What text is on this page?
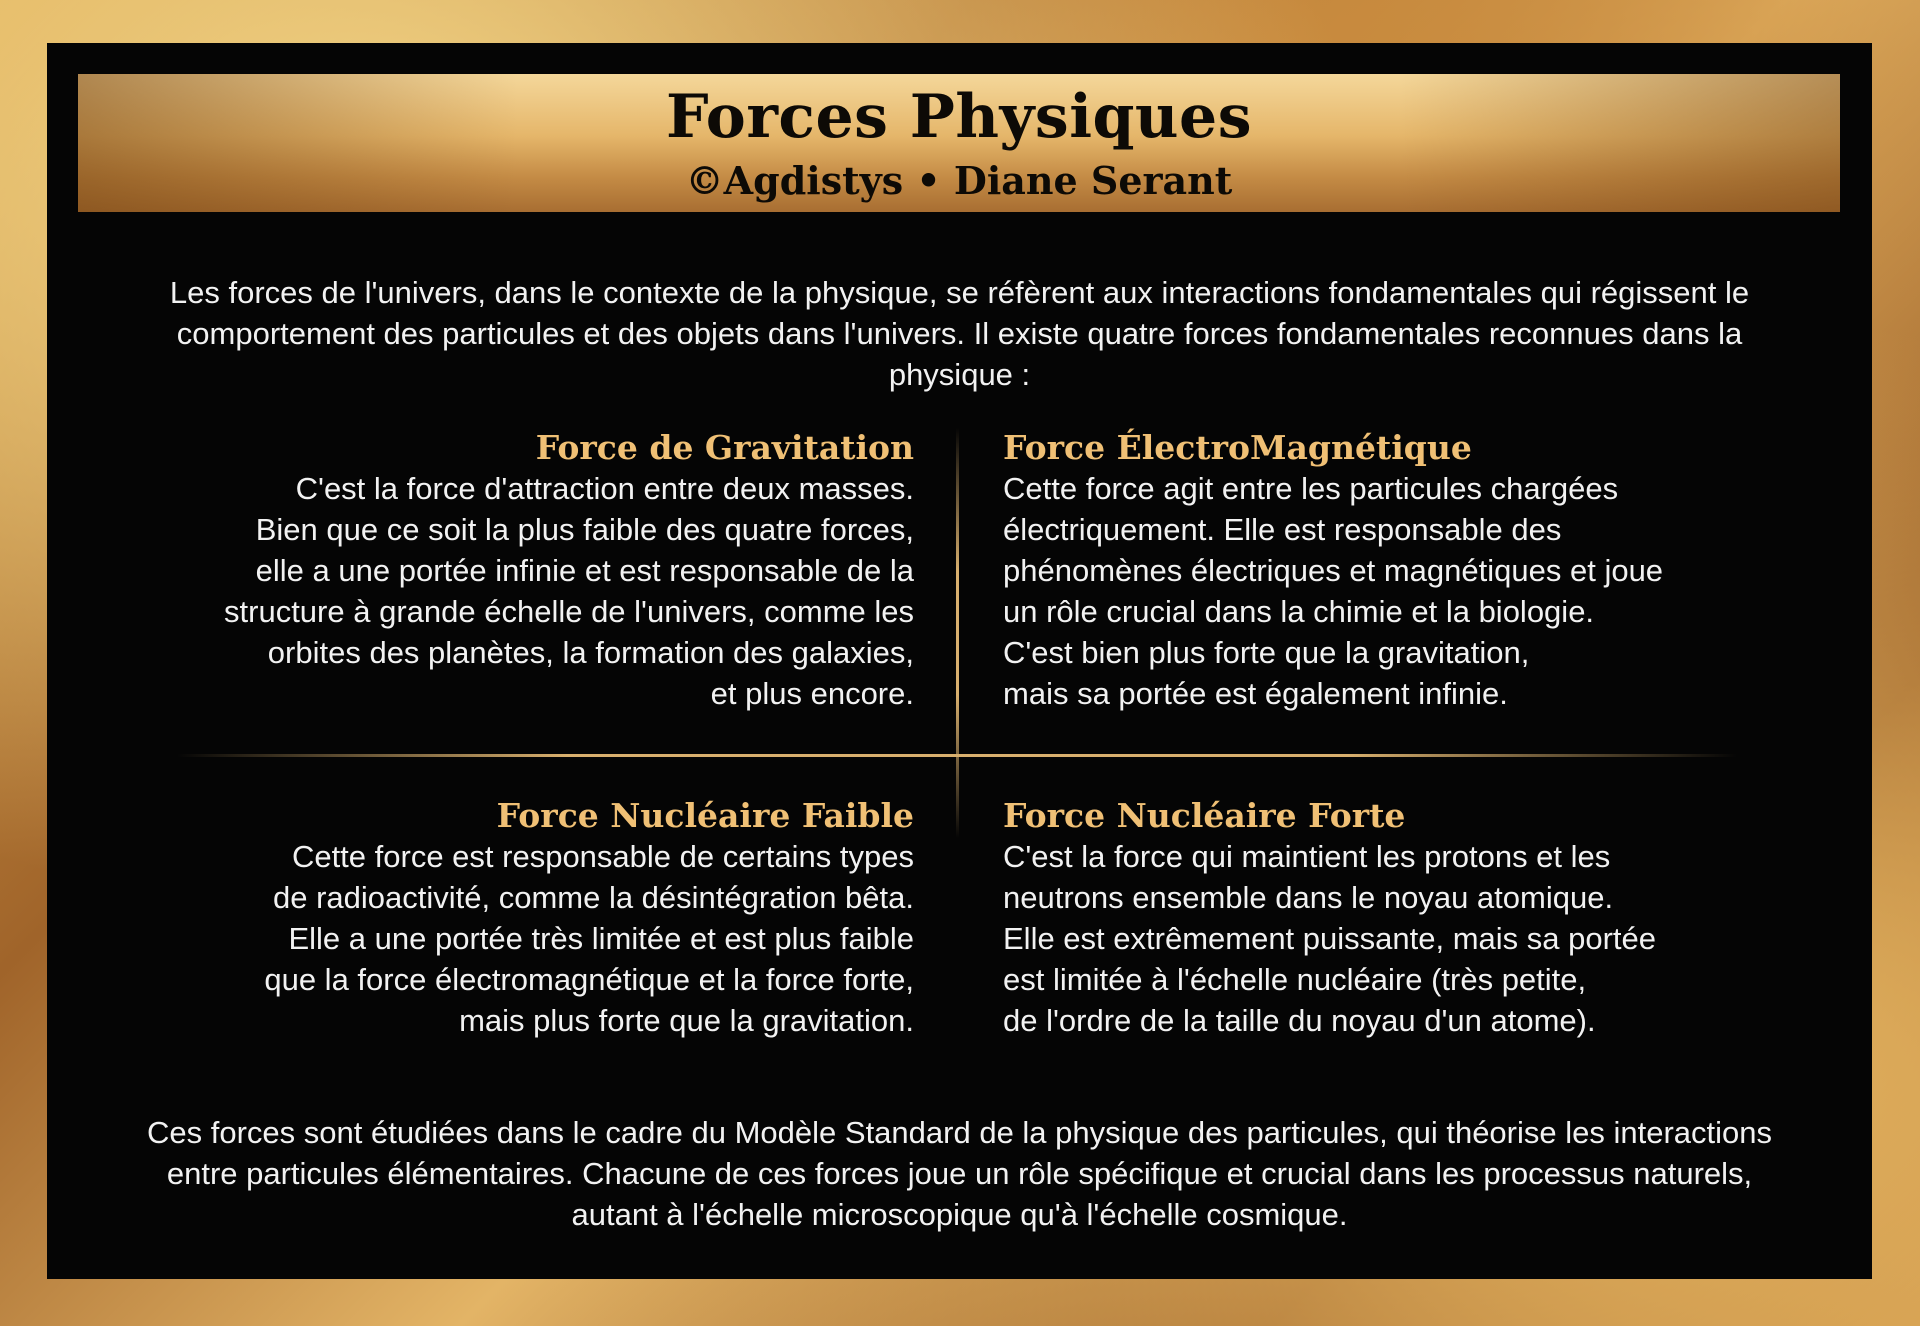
Forces Physiques
©Agdistys • Diane Serant
Les forces de l'univers, dans le contexte de la physique, se réfèrent aux interactions fondamentales qui régissent le comportement des particules et des objets dans l'univers. Il existe quatre forces fondamentales reconnues dans la physique :
Force de Gravitation
C'est la force d'attraction entre deux masses.
Bien que ce soit la plus faible des quatre forces,
elle a une portée infinie et est responsable de la
structure à grande échelle de l'univers, comme les
orbites des planètes, la formation des galaxies,
et plus encore.
Force ÉlectroMagnétique
Cette force agit entre les particules chargées
électriquement. Elle est responsable des
phénomènes électriques et magnétiques et joue
un rôle crucial dans la chimie et la biologie.
C'est bien plus forte que la gravitation,
mais sa portée est également infinie.
Force Nucléaire Faible
Cette force est responsable de certains types
de radioactivité, comme la désintégration bêta.
Elle a une portée très limitée et est plus faible
que la force électromagnétique et la force forte,
mais plus forte que la gravitation.
Force Nucléaire Forte
C'est la force qui maintient les protons et les
neutrons ensemble dans le noyau atomique.
Elle est extrêmement puissante, mais sa portée
est limitée à l'échelle nucléaire (très petite,
de l'ordre de la taille du noyau d'un atome).
Ces forces sont étudiées dans le cadre du Modèle Standard de la physique des particules, qui théorise les interactions entre particules élémentaires. Chacune de ces forces joue un rôle spécifique et crucial dans les processus naturels, autant à l'échelle microscopique qu'à l'échelle cosmique.
